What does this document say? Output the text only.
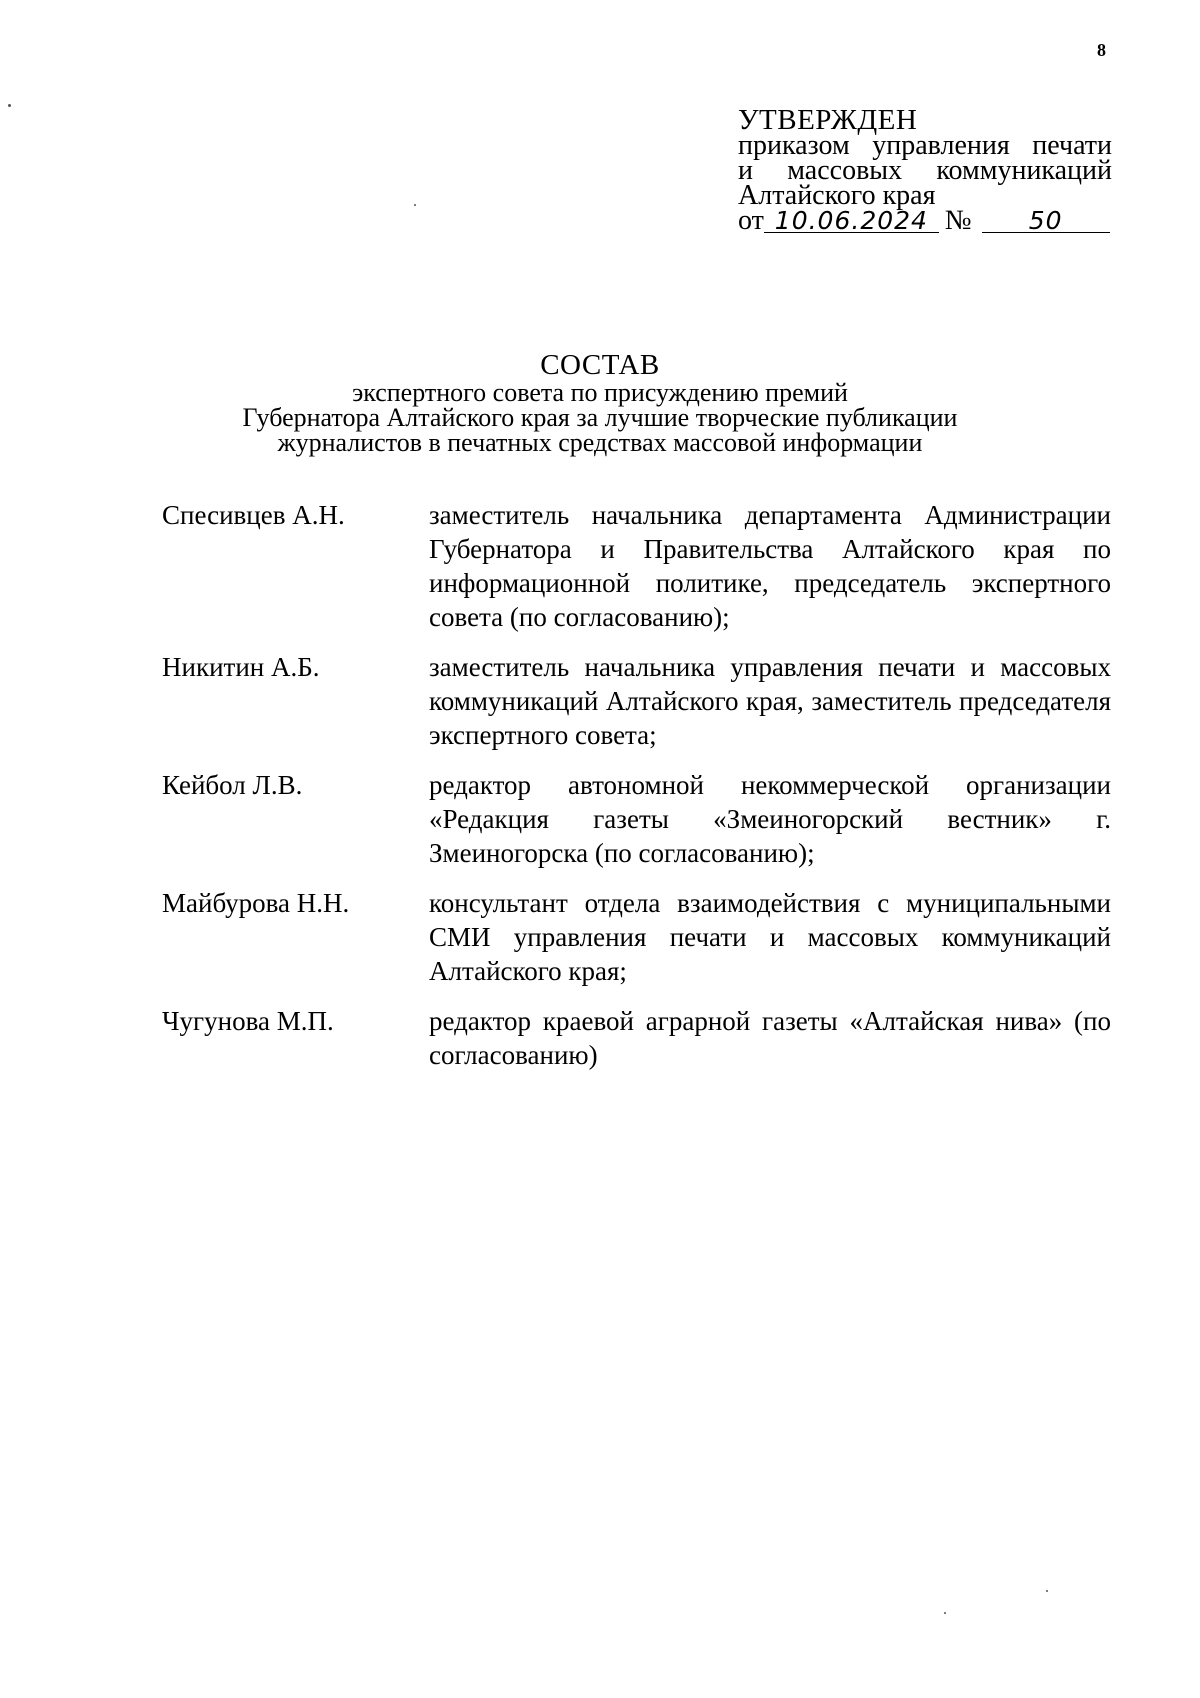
8
УТВЕРЖДЕН
приказом управления печати
и массовых коммуникаций
Алтайского края
от 10.06.2024 №	50
СОСТАВ
экспертного совета по присуждению премий
Губернатора Алтайского края за лучшие творческие публикации
журналистов в печатных средствах массовой информации
Спесивцев А.Н.	заместитель начальника департамента Администрации Губернатора и Правительства Алтайского края по информационной политике, председатель экспертного совета (по согласованию);
Никитин А.Б.	заместитель начальника управления печати и массовых коммуникаций Алтайского края, заместитель председателя экспертного совета;
Кейбол Л.В.	редактор автономной некоммерческой организации «Редакция газеты «Змеиногорский вестник» г. Змеиногорска (по согласованию);
Майбурова Н.Н.	консультант отдела взаимодействия с муниципальными СМИ управления печати и массовых коммуникаций Алтайского края;
Чугунова М.П.	редактор краевой аграрной газеты «Алтайская нива» (по согласованию)
